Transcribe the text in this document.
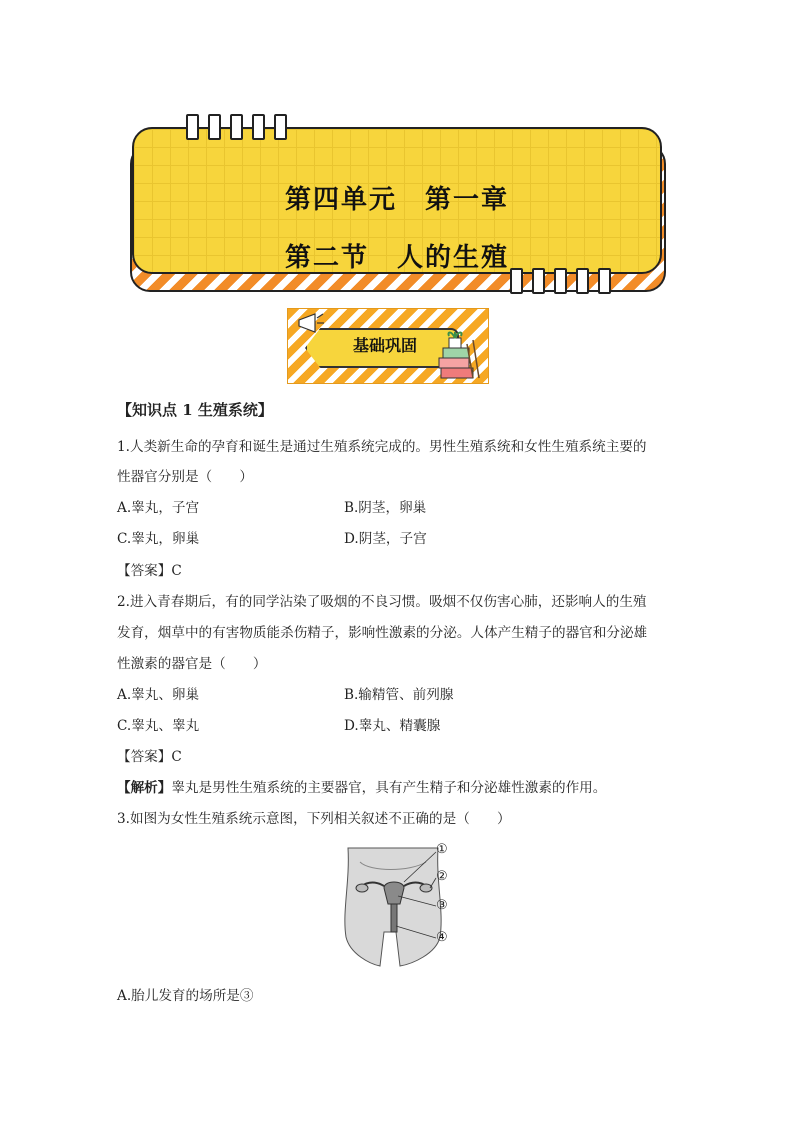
第四单元　第一章
第二节　人的生殖
基础巩固
【知识点 1 生殖系统】
1.人类新生命的孕育和诞生是通过生殖系统完成的。男性生殖系统和女性生殖系统主要的
性器官分别是（　　）
A.睾丸，子宫	B.阴茎，卵巢
C.睾丸，卵巢	D.阴茎，子宫
【答案】C
2.进入青春期后，有的同学沾染了吸烟的不良习惯。吸烟不仅伤害心肺，还影响人的生殖
发育，烟草中的有害物质能杀伤精子，影响性激素的分泌。人体产生精子的器官和分泌雄
性激素的器官是（　　）
A.睾丸、卵巢	B.输精管、前列腺
C.睾丸、睾丸	D.睾丸、精囊腺
【答案】C
【解析】睾丸是男性生殖系统的主要器官，具有产生精子和分泌雄性激素的作用。
3.如图为女性生殖系统示意图，下列相关叙述不正确的是（　　）
①
②
③
④
A.胎儿发育的场所是③
